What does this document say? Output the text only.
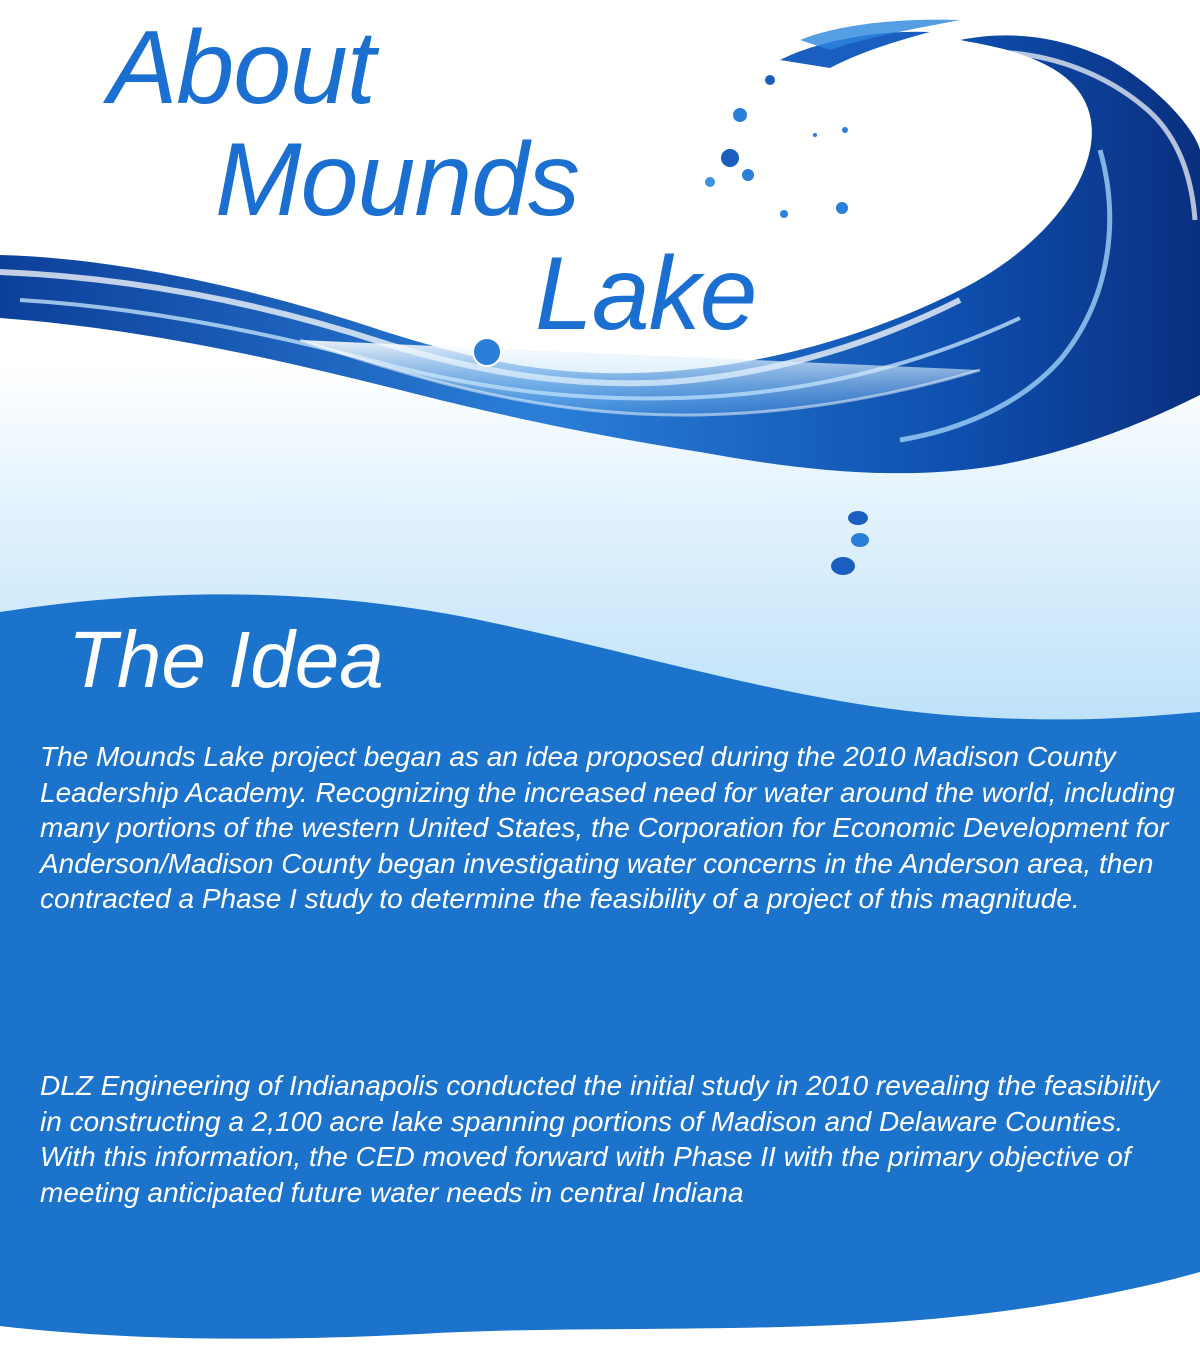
About
Mounds
Lake
The Idea

The Mounds Lake project began as an idea proposed during the 2010 Madison County Leadership Academy. Recognizing the increased need for water around the world, including many portions of the western United States, the Corporation for Economic Development for Anderson/Madison County began investigating water concerns in the Anderson area, then contracted a Phase I study to determine the feasibility of a project of this magnitude.

DLZ Engineering of Indianapolis conducted the initial study in 2010 revealing the feasibility in constructing a 2,100 acre lake spanning portions of Madison and Delaware Counties. With this information, the CED moved forward with Phase II with the primary objective of meeting anticipated future water needs in central Indiana
